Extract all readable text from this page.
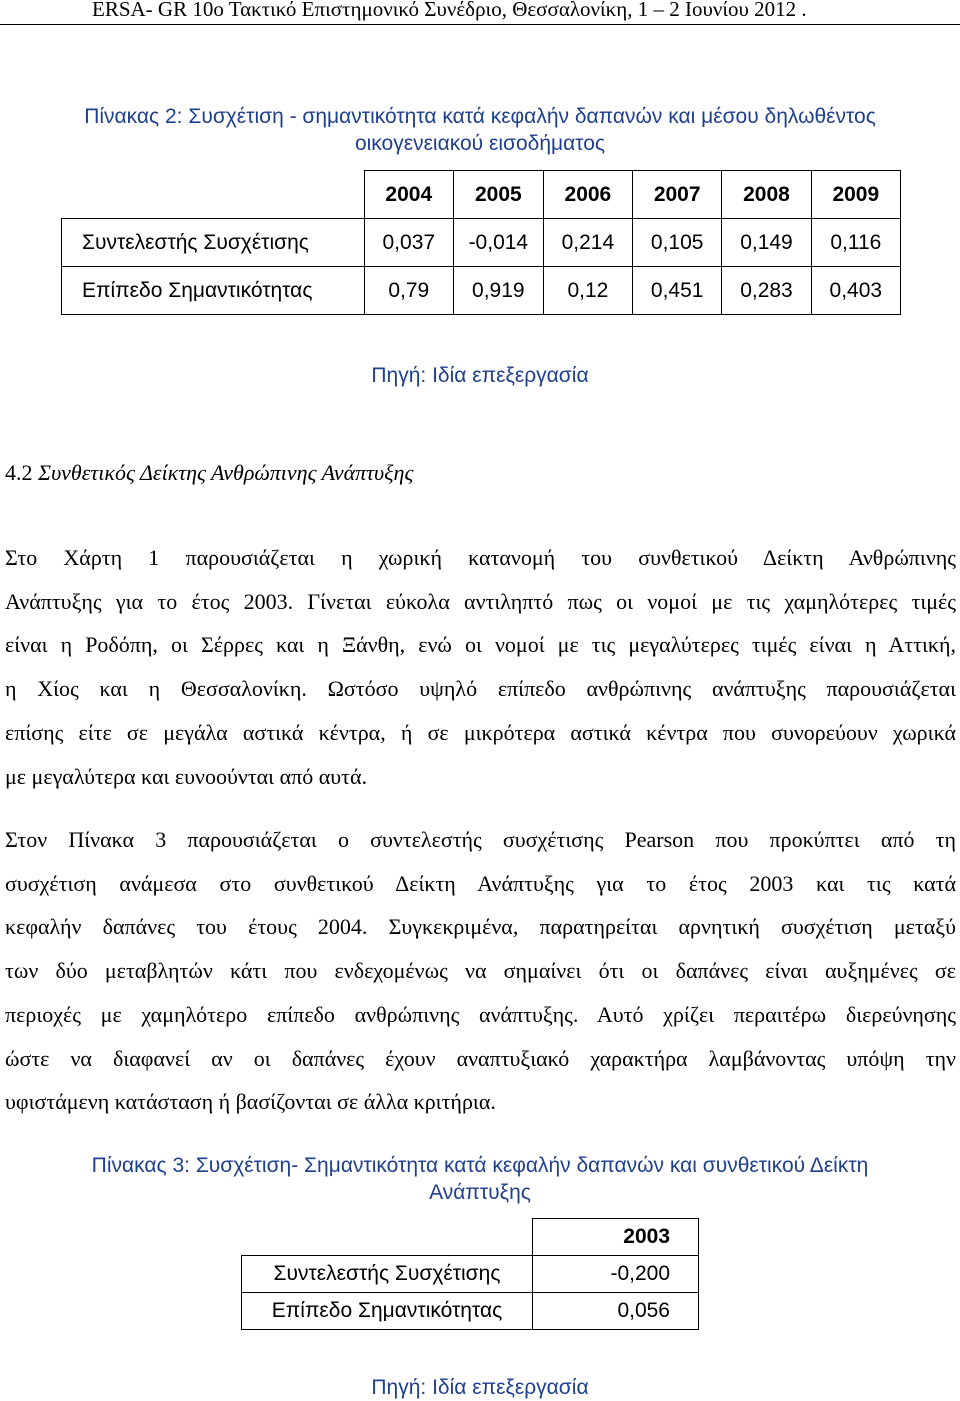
ERSA- GR 10ο Τακτικό Επιστημονικό Συνέδριο, Θεσσαλονίκη, 1 – 2 Ιουνίου 2012 .
Πίνακας 2: Συσχέτιση - σημαντικότητα κατά κεφαλήν δαπανών και μέσου δηλωθέντος
οικογενειακού εισοδήματος
	2004	2005	2006	2007	2008	2009
Συντελεστής Συσχέτισης	0,037	-0,014	0,214	0,105	0,149	0,116
Επίπεδο Σημαντικότητας	0,79	0,919	0,12	0,451	0,283	0,403
Πηγή: Ιδία επεξεργασία
4.2 Συνθετικός Δείκτης Ανθρώπινης Ανάπτυξης
Στο Χάρτη 1 παρουσιάζεται η χωρική κατανομή του συνθετικού Δείκτη Ανθρώπινης
Ανάπτυξης για το έτος 2003. Γίνεται εύκολα αντιληπτό πως οι νομοί με τις χαμηλότερες τιμές
είναι η Ροδόπη, οι Σέρρες και η Ξάνθη, ενώ οι νομοί με τις μεγαλύτερες τιμές είναι η Αττική,
η Χίος και η Θεσσαλονίκη. Ωστόσο υψηλό επίπεδο ανθρώπινης ανάπτυξης παρουσιάζεται
επίσης είτε σε μεγάλα αστικά κέντρα, ή σε μικρότερα αστικά κέντρα που συνορεύουν χωρικά
με μεγαλύτερα και ευνοούνται από αυτά.
Στον Πίνακα 3 παρουσιάζεται ο συντελεστής συσχέτισης Pearson που προκύπτει από τη
συσχέτιση ανάμεσα στο συνθετικού Δείκτη Ανάπτυξης για το έτος 2003 και τις κατά
κεφαλήν δαπάνες του έτους 2004. Συγκεκριμένα, παρατηρείται αρνητική συσχέτιση μεταξύ
των δύο μεταβλητών κάτι που ενδεχομένως να σημαίνει ότι οι δαπάνες είναι αυξημένες σε
περιοχές με χαμηλότερο επίπεδο ανθρώπινης ανάπτυξης. Αυτό χρίζει περαιτέρω διερεύνησης
ώστε να διαφανεί αν οι δαπάνες έχουν αναπτυξιακό χαρακτήρα λαμβάνοντας υπόψη την
υφιστάμενη κατάσταση ή βασίζονται σε άλλα κριτήρια.
Πίνακας 3: Συσχέτιση- Σημαντικότητα κατά κεφαλήν δαπανών και συνθετικού Δείκτη
Ανάπτυξης
	2003
Συντελεστής Συσχέτισης	-0,200
Επίπεδο Σημαντικότητας	0,056
Πηγή: Ιδία επεξεργασία
